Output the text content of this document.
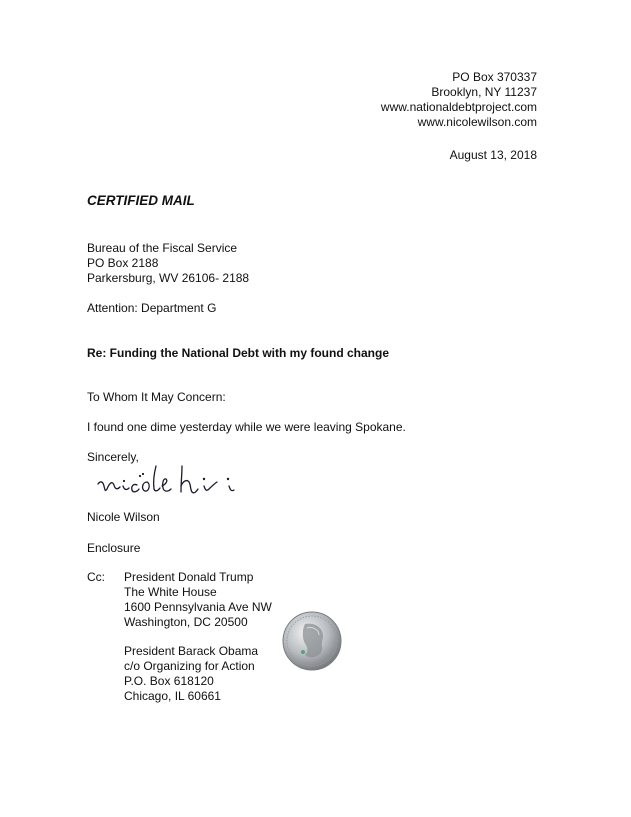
PO Box 370337
Brooklyn, NY 11237
www.nationaldebtproject.com
www.nicolewilson.com
August 13, 2018
CERTIFIED MAIL
Bureau of the Fiscal Service
PO Box 2188
Parkersburg, WV 26106- 2188
Attention: Department G
Re: Funding the National Debt with my found change
To Whom It May Concern:
I found one dime yesterday while we were leaving Spokane.
Sincerely,
Nicole Wilson
Enclosure
Cc: President Donald Trump
The White House
1600 Pennsylvania Ave NW
Washington, DC 20500
President Barack Obama
c/o Organizing for Action
P.O. Box 618120
Chicago, IL 60661
